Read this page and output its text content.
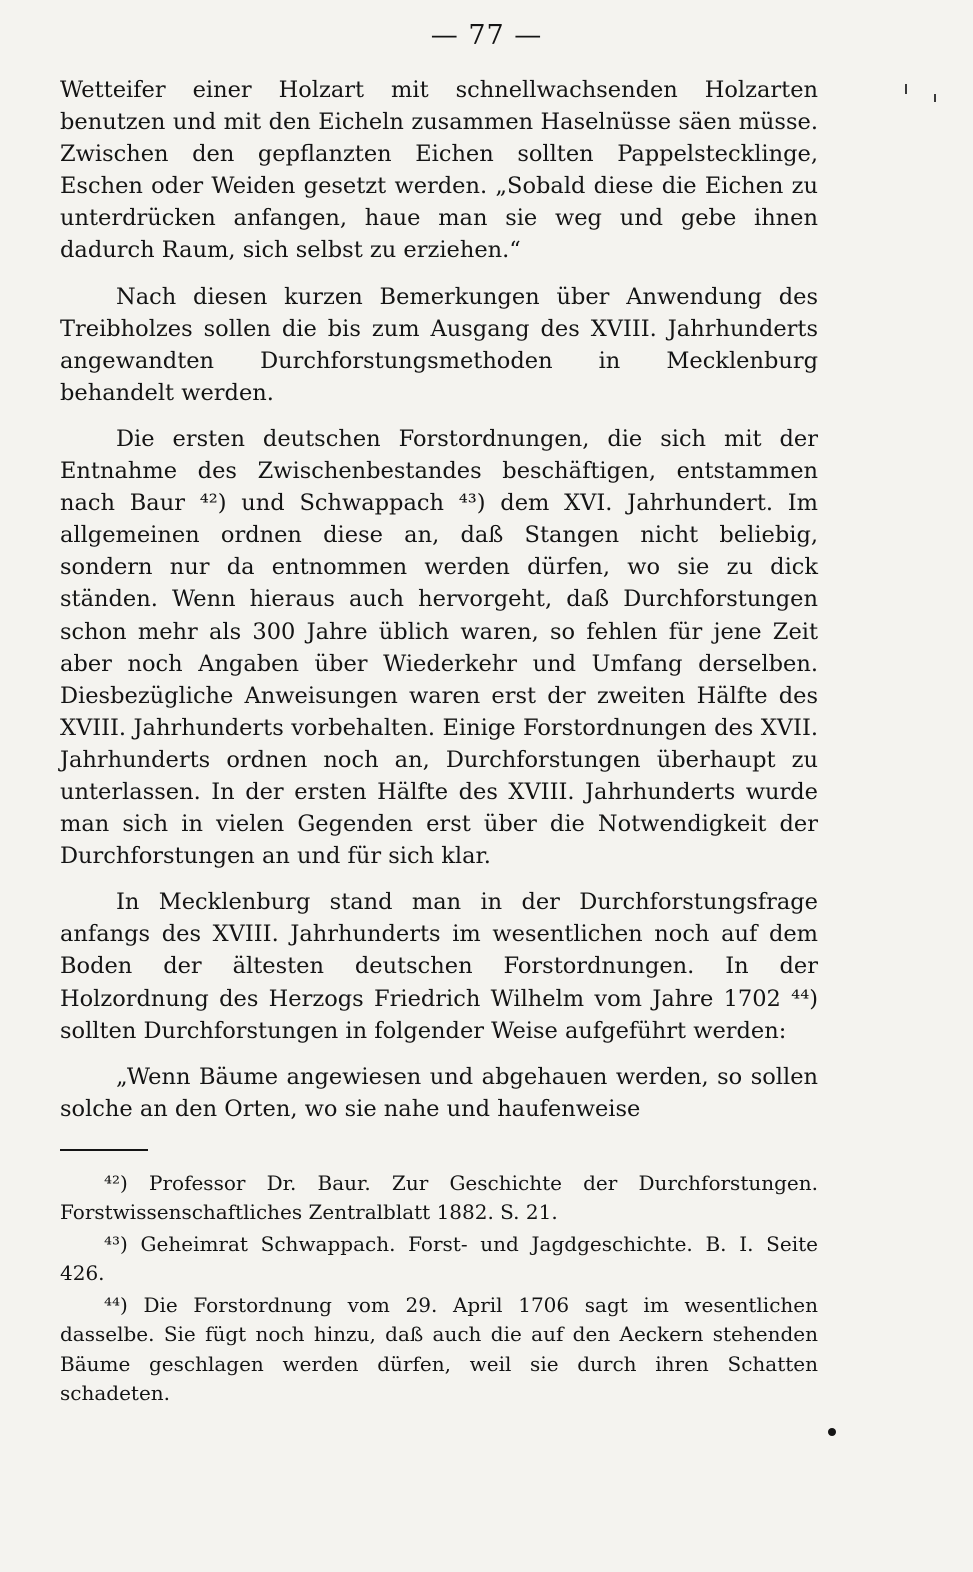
— 77 —

Wetteifer einer Holzart mit schnellwachsenden Holzarten benutzen und mit den Eicheln zusammen Haselnüsse säen müsse. Zwischen den gepflanzten Eichen sollten Pappelstecklinge, Eschen oder Weiden gesetzt werden. „Sobald diese die Eichen zu unterdrücken anfangen, haue man sie weg und gebe ihnen dadurch Raum, sich selbst zu erziehen.“

Nach diesen kurzen Bemerkungen über Anwendung des Treibholzes sollen die bis zum Ausgang des XVIII. Jahrhunderts angewandten Durchforstungsmethoden in Mecklenburg behandelt werden.

Die ersten deutschen Forstordnungen, die sich mit der Entnahme des Zwischenbestandes beschäftigen, entstammen nach Baur ⁴²) und Schwappach ⁴³) dem XVI. Jahrhundert. Im allgemeinen ordnen diese an, daß Stangen nicht beliebig, sondern nur da entnommen werden dürfen, wo sie zu dick ständen. Wenn hieraus auch hervorgeht, daß Durchforstungen schon mehr als 300 Jahre üblich waren, so fehlen für jene Zeit aber noch Angaben über Wiederkehr und Umfang derselben. Diesbezügliche Anweisungen waren erst der zweiten Hälfte des XVIII. Jahrhunderts vorbehalten. Einige Forstordnungen des XVII. Jahrhunderts ordnen noch an, Durchforstungen überhaupt zu unterlassen. In der ersten Hälfte des XVIII. Jahrhunderts wurde man sich in vielen Gegenden erst über die Notwendigkeit der Durchforstungen an und für sich klar.

In Mecklenburg stand man in der Durchforstungsfrage anfangs des XVIII. Jahrhunderts im wesentlichen noch auf dem Boden der ältesten deutschen Forstordnungen. In der Holzordnung des Herzogs Friedrich Wilhelm vom Jahre 1702 ⁴⁴) sollten Durchforstungen in folgender Weise aufgeführt werden:

„Wenn Bäume angewiesen und abgehauen werden, so sollen solche an den Orten, wo sie nahe und haufenweise

⁴²) Professor Dr. Baur. Zur Geschichte der Durchforstungen. Forstwissenschaftliches Zentralblatt 1882. S. 21.

⁴³) Geheimrat Schwappach. Forst- und Jagdgeschichte. B. I. Seite 426.

⁴⁴) Die Forstordnung vom 29. April 1706 sagt im wesentlichen dasselbe. Sie fügt noch hinzu, daß auch die auf den Aeckern stehenden Bäume geschlagen werden dürfen, weil sie durch ihren Schatten schadeten.
